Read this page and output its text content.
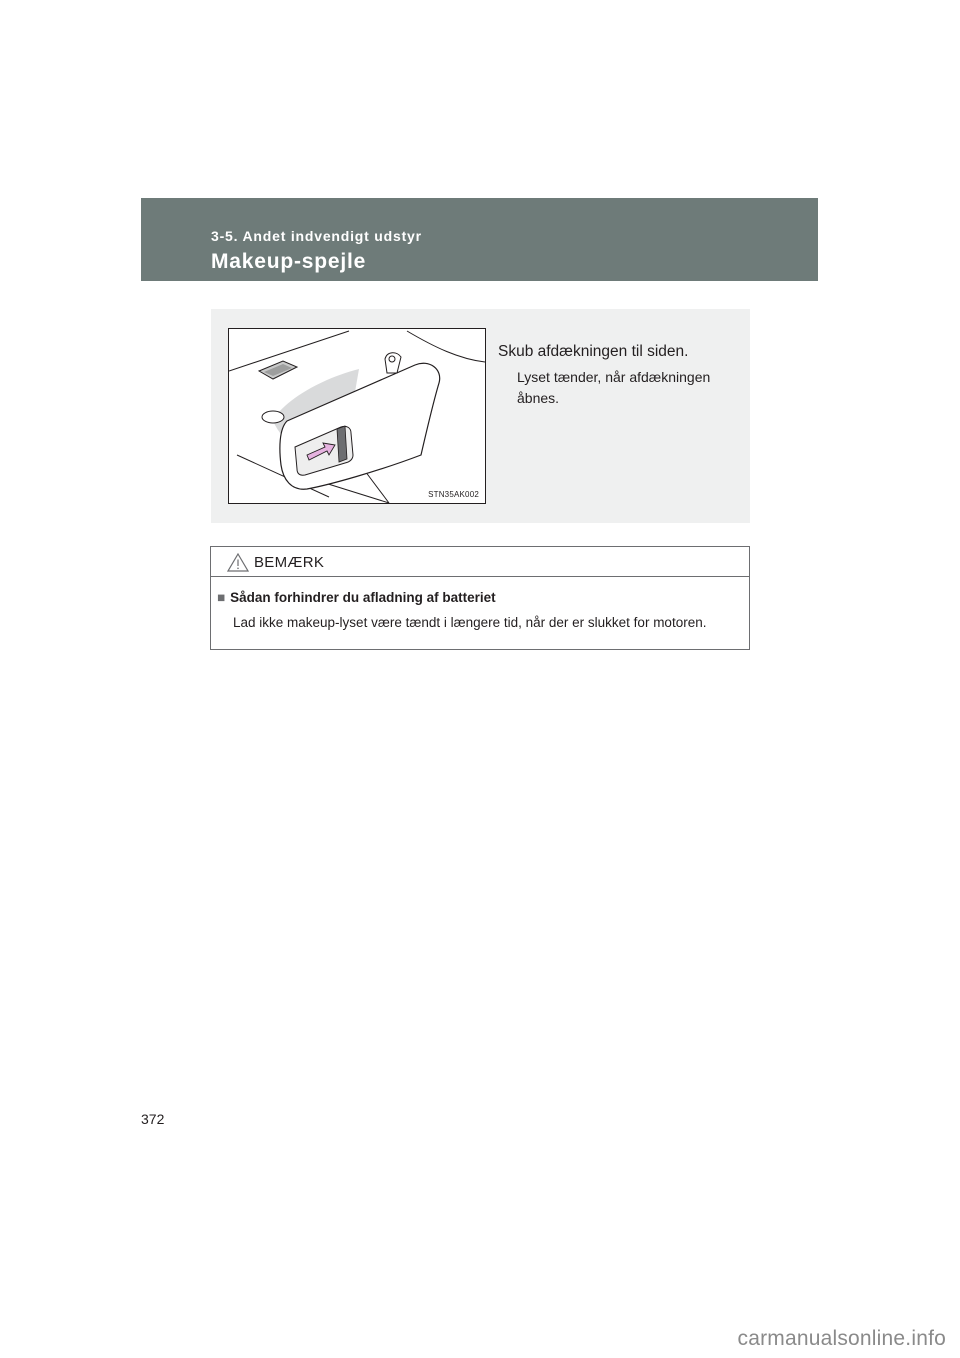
3-5. Andet indvendigt udstyr
Makeup-spejle
STN35AK002
Skub afdækningen til siden.
Lyset tænder, når afdækningen åbnes.
BEMÆRK
■ Sådan forhindrer du afladning af batteriet
Lad ikke makeup-lyset være tændt i længere tid, når der er slukket for motoren.
372
carmanualsonline.info
